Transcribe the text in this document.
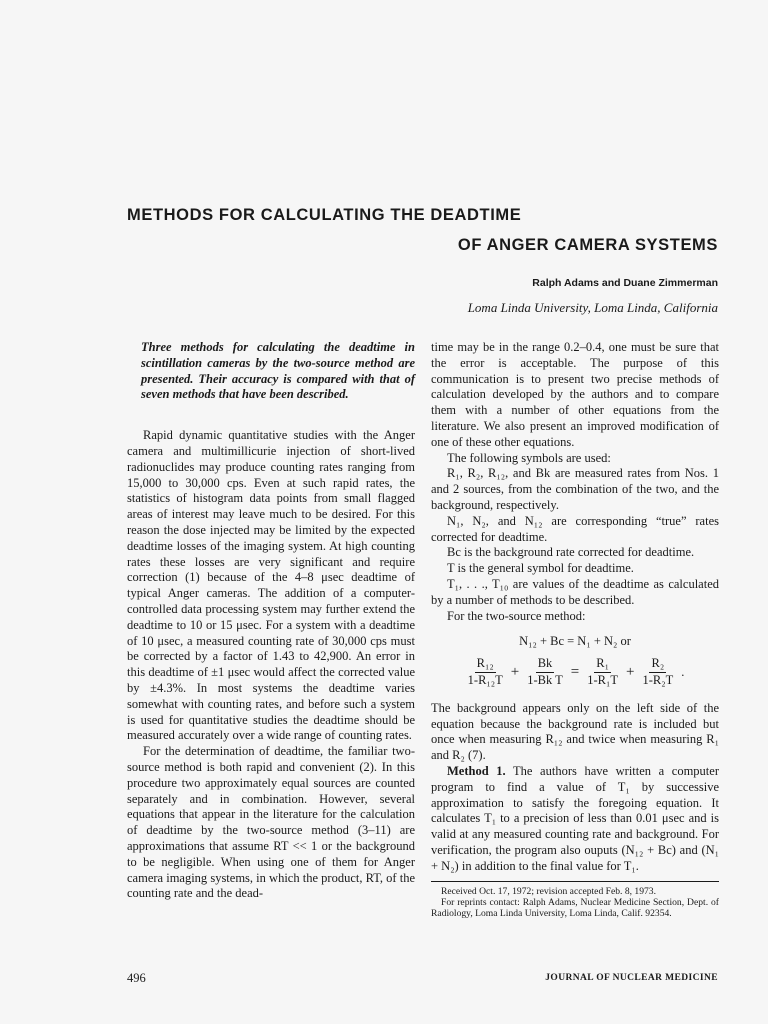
METHODS FOR CALCULATING THE DEADTIME
OF ANGER CAMERA SYSTEMS
Ralph Adams and Duane Zimmerman
Loma Linda University, Loma Linda, California
Three methods for calculating the deadtime in scintillation cameras by the two-source method are presented. Their accuracy is compared with that of seven methods that have been described.

Rapid dynamic quantitative studies with the Anger camera and multimillicurie injection of short-lived radionuclides may produce counting rates ranging from 15,000 to 30,000 cps. Even at such rapid rates, the statistics of histogram data points from small flagged areas of interest may leave much to be desired. For this reason the dose injected may be limited by the expected deadtime losses of the imaging system. At high counting rates these losses are very significant and require correction (1) because of the 4–8 μsec deadtime of typical Anger cameras. The addition of a computer-controlled data processing system may further extend the deadtime to 10 or 15 μsec. For a system with a deadtime of 10 μsec, a measured counting rate of 30,000 cps must be corrected by a factor of 1.43 to 42,900. An error in this deadtime of ±1 μsec would affect the corrected value by ±4.3%. In most systems the deadtime varies somewhat with counting rates, and before such a system is used for quantitative studies the deadtime should be measured accurately over a wide range of counting rates.

For the determination of deadtime, the familiar two-source method is both rapid and convenient (2). In this procedure two approximately equal sources are counted separately and in combination. However, several equations that appear in the literature for the calculation of deadtime by the two-source method (3–11) are approximations that assume RT << 1 or the background to be negligible. When using one of them for Anger camera imaging systems, in which the product, RT, of the counting rate and the dead-

time may be in the range 0.2–0.4, one must be sure that the error is acceptable. The purpose of this communication is to present two precise methods of calculation developed by the authors and to compare them with a number of other equations from the literature. We also present an improved modification of one of these other equations.

The following symbols are used:

R₁, R₂, R₁₂, and Bk are measured rates from Nos. 1 and 2 sources, from the combination of the two, and the background, respectively.

N₁, N₂, and N₁₂ are corresponding “true” rates corrected for deadtime.

Bc is the background rate corrected for deadtime.

T is the general symbol for deadtime.

T₁, . . ., T₁₀ are values of the deadtime as calculated by a number of methods to be described.

For the two-source method:

N₁₂ + Bc = N₁ + N₂ or
$\frac{\text{R₁₂}}{\text{1-R₁₂T}} + \frac{Bk}{\text{1-Bk T}} = \frac{\text{R₁}}{\text{1-R₁T}} + \frac{\text{R₂}}{\text{1-R₂T}}$ .

The background appears only on the left side of the equation because the background rate is included but once when measuring R₁₂ and twice when measuring R₁ and R₂ (7).

Method 1. The authors have written a computer program to find a value of T₁ by successive approximation to satisfy the foregoing equation. It calculates T₁ to a precision of less than 0.01 μsec and is valid at any measured counting rate and background. For verification, the program also ouputs (N₁₂ + Bc) and (N₁ + N₂) in addition to the final value for T₁.

Received Oct. 17, 1972; revision accepted Feb. 8, 1973.

For reprints contact: Ralph Adams, Nuclear Medicine Section, Dept. of Radiology, Loma Linda University, Loma Linda, Calif. 92354.

496	JOURNAL OF NUCLEAR MEDICINE
